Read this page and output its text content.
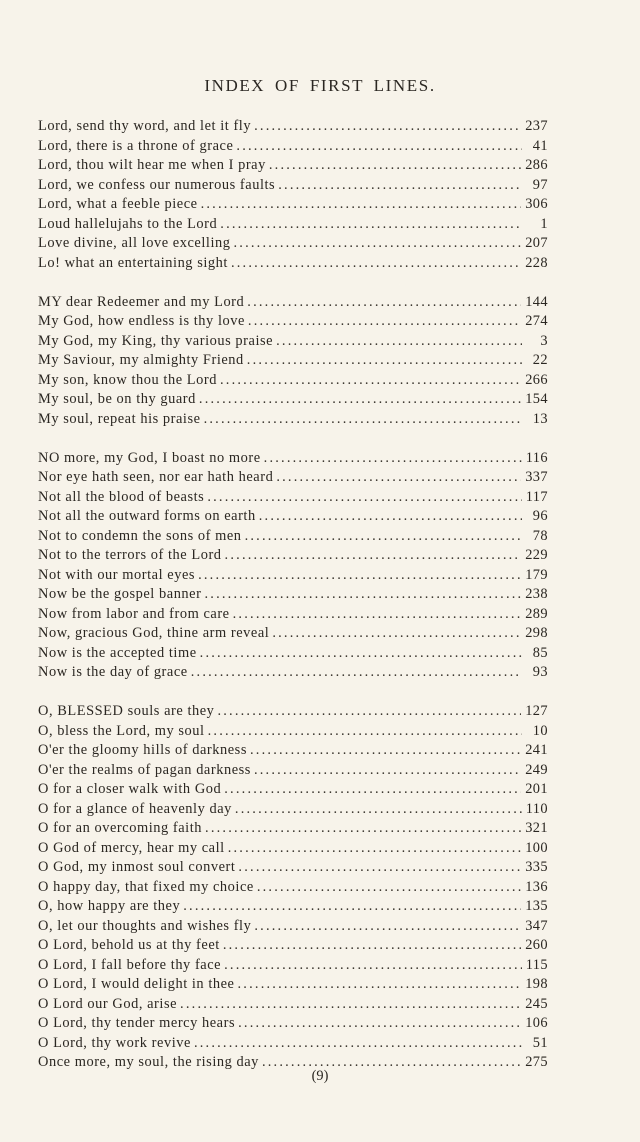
INDEX OF FIRST LINES.
Lord, send thy word, and let it fly .....	237
Lord, there is a throne of grace .....	41
Lord, thou wilt hear me when I pray .....	286
Lord, we confess our numerous faults .....	97
Lord, what a feeble piece .....	306
Loud hallelujahs to the Lord .....	1
Love divine, all love excelling .....	207
Lo! what an entertaining sight .....	228
MY dear Redeemer and my Lord .....	144
My God, how endless is thy love .....	274
My God, my King, thy various praise .....	3
My Saviour, my almighty Friend .....	22
My son, know thou the Lord .....	266
My soul, be on thy guard .....	154
My soul, repeat his praise .....	13
NO more, my God, I boast no more .....	116
Nor eye hath seen, nor ear hath heard .....	337
Not all the blood of beasts .....	117
Not all the outward forms on earth .....	96
Not to condemn the sons of men .....	78
Not to the terrors of the Lord .....	229
Not with our mortal eyes .....	179
Now be the gospel banner .....	238
Now from labor and from care .....	289
Now, gracious God, thine arm reveal .....	298
Now is the accepted time .....	85
Now is the day of grace .....	93
O, BLESSED souls are they .....	127
O, bless the Lord, my soul .....	10
O'er the gloomy hills of darkness .....	241
O'er the realms of pagan darkness .....	249
O for a closer walk with God .....	201
O for a glance of heavenly day .....	110
O for an overcoming faith .....	321
O God of mercy, hear my call .....	100
O God, my inmost soul convert .....	335
O happy day, that fixed my choice .....	136
O, how happy are they .....	135
O, let our thoughts and wishes fly .....	347
O Lord, behold us at thy feet .....	260
O Lord, I fall before thy face .....	115
O Lord, I would delight in thee .....	198
O Lord our God, arise .....	245
O Lord, thy tender mercy hears .....	106
O Lord, thy work revive .....	51
Once more, my soul, the rising day .....	275
(9)
